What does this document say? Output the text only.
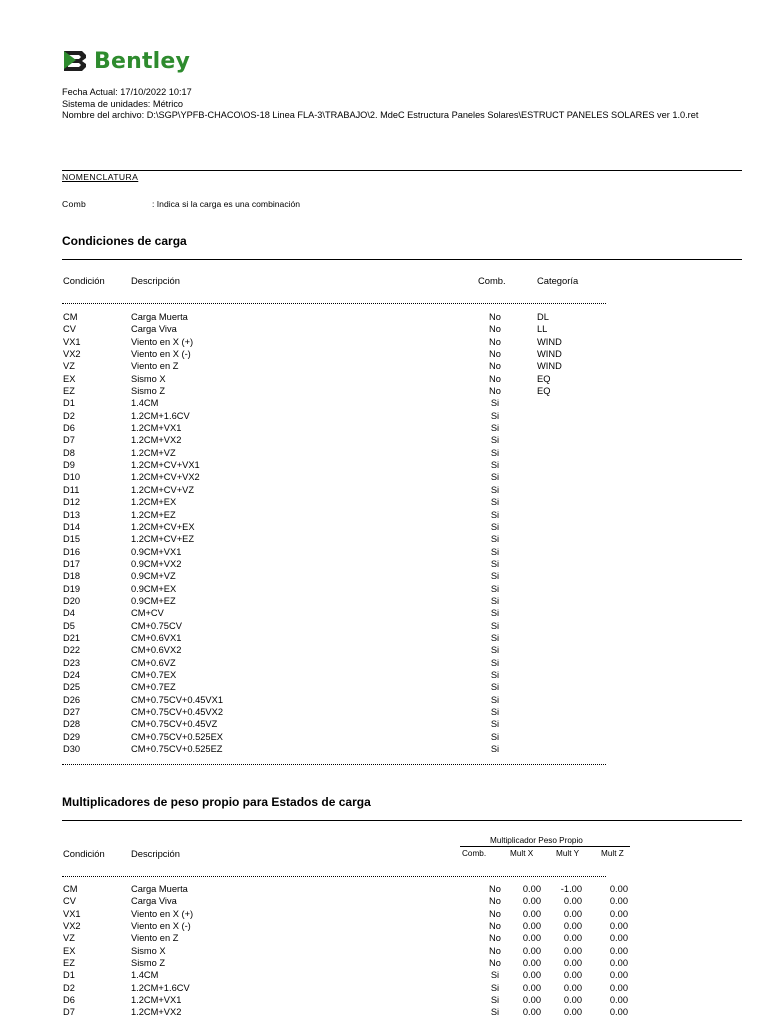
Bentley
Fecha Actual: 17/10/2022 10:17
Sistema de unidades: Métrico
Nombre del archivo: D:\SGP\YPFB-CHACO\OS-18 Linea FLA-3\TRABAJO\2. MdeC Estructura Paneles Solares\ESTRUCT PANELES SOLARES ver 1.0.ret
NOMENCLATURA
Comb	: Indica si la carga es una combinación
Condiciones de carga
Condición	Descripción	Comb.	Categoría
CM	Carga Muerta	No	DL
CV	Carga Viva	No	LL
VX1	Viento en X (+)	No	WIND
VX2	Viento en X (-)	No	WIND
VZ	Viento en Z	No	WIND
EX	Sismo X	No	EQ
EZ	Sismo Z	No	EQ
D1	1.4CM	Si
D2	1.2CM+1.6CV	Si
D6	1.2CM+VX1	Si
D7	1.2CM+VX2	Si
D8	1.2CM+VZ	Si
D9	1.2CM+CV+VX1	Si
D10	1.2CM+CV+VX2	Si
D11	1.2CM+CV+VZ	Si
D12	1.2CM+EX	Si
D13	1.2CM+EZ	Si
D14	1.2CM+CV+EX	Si
D15	1.2CM+CV+EZ	Si
D16	0.9CM+VX1	Si
D17	0.9CM+VX2	Si
D18	0.9CM+VZ	Si
D19	0.9CM+EX	Si
D20	0.9CM+EZ	Si
D4	CM+CV	Si
D5	CM+0.75CV	Si
D21	CM+0.6VX1	Si
D22	CM+0.6VX2	Si
D23	CM+0.6VZ	Si
D24	CM+0.7EX	Si
D25	CM+0.7EZ	Si
D26	CM+0.75CV+0.45VX1	Si
D27	CM+0.75CV+0.45VX2	Si
D28	CM+0.75CV+0.45VZ	Si
D29	CM+0.75CV+0.525EX	Si
D30	CM+0.75CV+0.525EZ	Si
Multiplicadores de peso propio para Estados de carga
Multiplicador Peso Propio
Condición	Descripción	Comb.	Mult X	Mult Y	Mult Z
CM	Carga Muerta	No	0.00 -1.00	0.00
CV	Carga Viva	No	0.00 0.00	0.00
VX1	Viento en X (+)	No	0.00 0.00	0.00
VX2	Viento en X (-)	No	0.00 0.00	0.00
VZ	Viento en Z	No	0.00 0.00	0.00
EX	Sismo X	No	0.00 0.00	0.00
EZ	Sismo Z	No	0.00 0.00	0.00
D1	1.4CM	Si	0.00 0.00	0.00
D2	1.2CM+1.6CV	Si	0.00 0.00	0.00
D6	1.2CM+VX1	Si	0.00 0.00	0.00
D7	1.2CM+VX2	Si	0.00 0.00	0.00
